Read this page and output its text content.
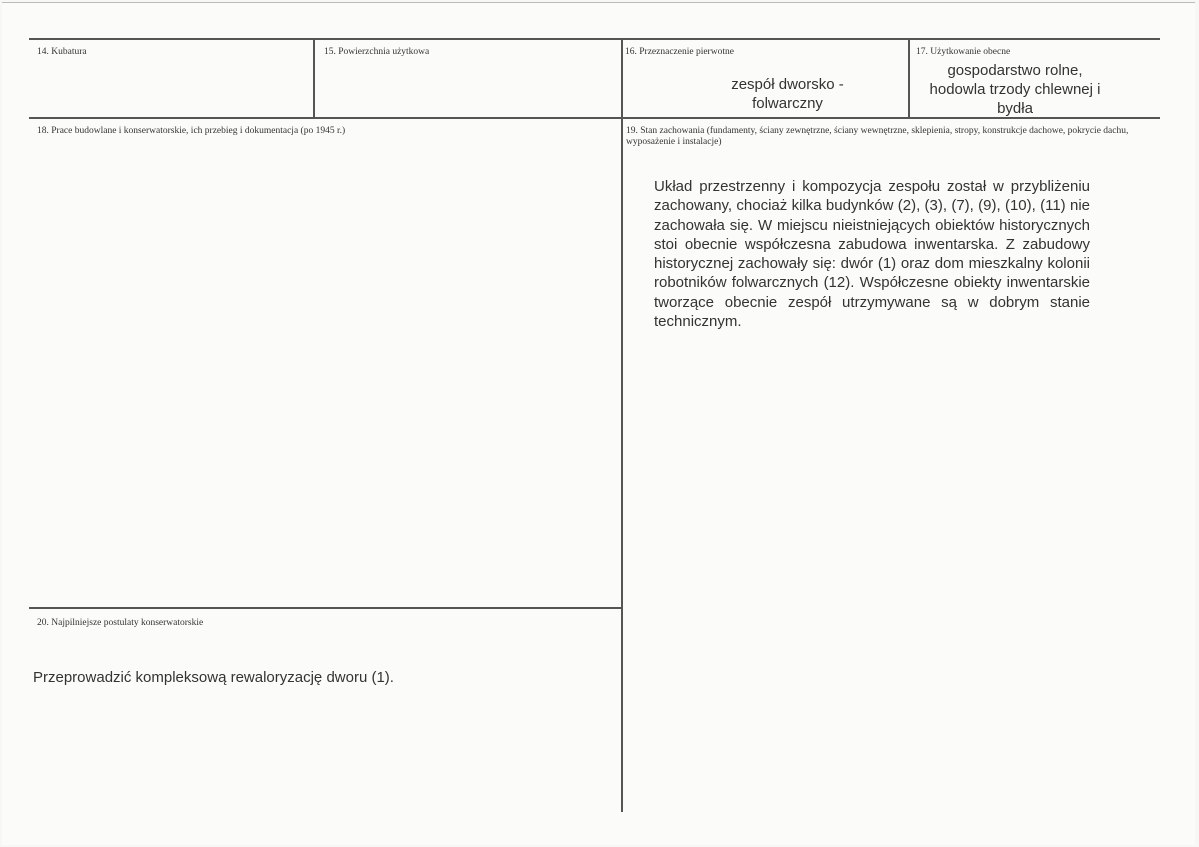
14. Kubatura	15. Powierzchnia użytkowa	16. Przeznaczenie pierwotne
zespół dworsko - folwarczny
17. Użytkowanie obecne
gospodarstwo rolne, hodowla trzody chlewnej i bydła
18. Prace budowlane i konserwatorskie, ich przebieg i dokumentacja (po 1945 r.)	19. Stan zachowania (fundamenty, ściany zewnętrzne, ściany wewnętrzne, sklepienia, stropy, konstrukcje dachowe, pokrycie dachu, wyposażenie i instalacje)
Układ przestrzenny i kompozycja zespołu został w przybliżeniu zachowany, chociaż kilka budynków (2), (3), (7), (9), (10), (11) nie zachowała się. W miejscu nieistniejących obiektów historycznych stoi obecnie współczesna zabudowa inwentarska. Z zabudowy historycznej zachowały się: dwór (1) oraz dom mieszkalny kolonii robotników folwarcznych (12). Współczesne obiekty inwentarskie tworzące obecnie zespół utrzymywane są w dobrym stanie technicznym.
20. Najpilniejsze postulaty konserwatorskie
Przeprowadzić kompleksową rewaloryzację dworu (1).
